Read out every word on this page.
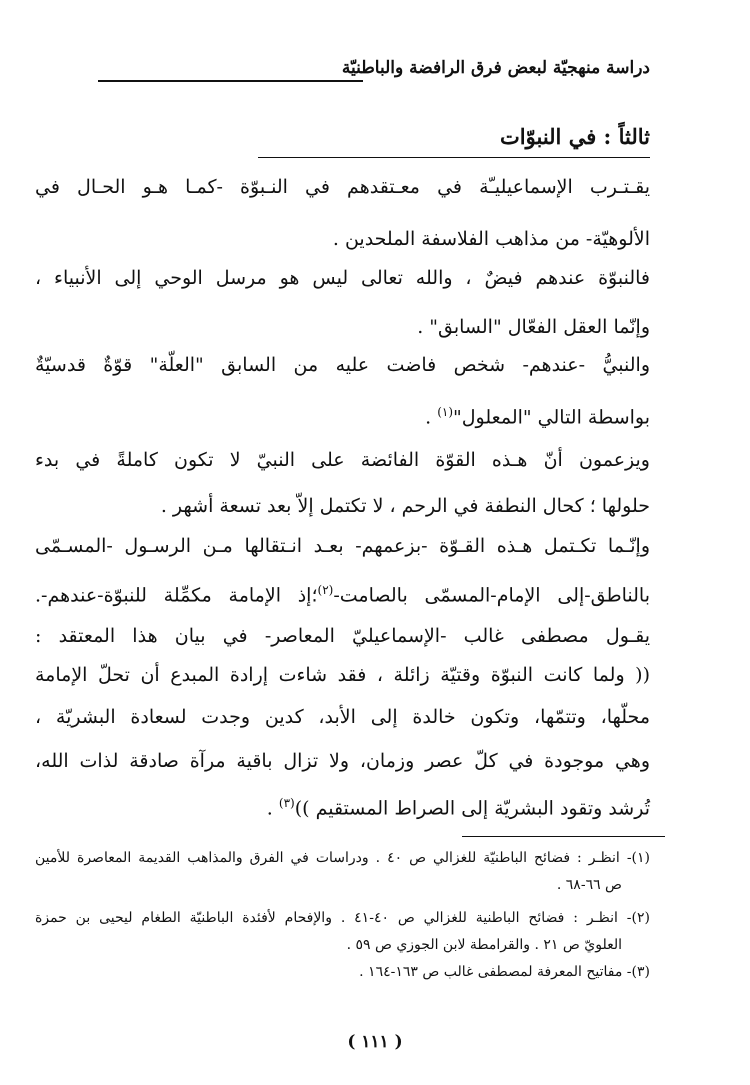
دراسة منهجيّة لبعض فرق الرافضة والباطنيّة
ثالثاً : في النبوّات
يقـتـرب الإسماعيليـّة في معـتقدهم في النـبوّة -كمـا هـو الحـال في
الألوهيّة- من مذاهب الفلاسفة الملحدين .
فالنبوّة عندهم فيضٌ ، والله تعالى ليس هو مرسل الوحي إلى الأنبياء ،
وإنّما العقل الفعّال "السابق" .
والنبيُّ -عندهم- شخص فاضت عليه من السابق "العلّة" قوّةٌ قدسيّةٌ
بواسطة التالي "المعلول"$^{(١)}$ .
ويزعمون أنّ هـذه القوّة الفائضة على النبيّ لا تكون كاملةً في بدء
حلولها ؛ كحال النطفة في الرحم ، لا تكتمل إلاّ بعد تسعة أشهر .
وإنّـما تكـتمل هـذه القـوّة -بزعمهم- بعـد انـتقالها مـن الرسـول -المسـمّى
بالناطق-إلى الإمام-المسمّى بالصامت-$^{(٢)}$؛إذ الإمامة مكمِّلة للنبوّة-عندهم-.
يقـول مصطفى غالب -الإسماعيليّ المعاصر- في بيان هذا المعتقد :
(( ولما كانت النبوّة وقتيّة زائلة ، فقد شاءت إرادة المبدع أن تحلّ الإمامة
محلّها، وتتمّها، وتكون خالدة إلى الأبد، كدين وجدت لسعادة البشريّة ،
وهي موجودة في كلّ عصر وزمان، ولا تزال باقية مرآة صادقة لذات الله،
تُرشد وتقود البشريّة إلى الصراط المستقيم ))$^{(٣)}$ .
(١)- انظـر : فضائح الباطنيّة للغزالي ص ٤٠ . ودراسات في الفرق والمذاهب القديمة المعاصرة للأمين
ص ٦٦-٦٨ .
(٢)- انظـر : فضائح الباطنية للغزالي ص ٤٠-٤١ . والإفحام لأفئدة الباطنيّة الطغام ليحيى بن حمزة
العلويّ ص ٢١ . والقرامطة لابن الجوزي ص ٥٩ .
(٣)- مفاتيح المعرفة لمصطفى غالب ص ١٦٣-١٦٤ .
( ١١١ )
